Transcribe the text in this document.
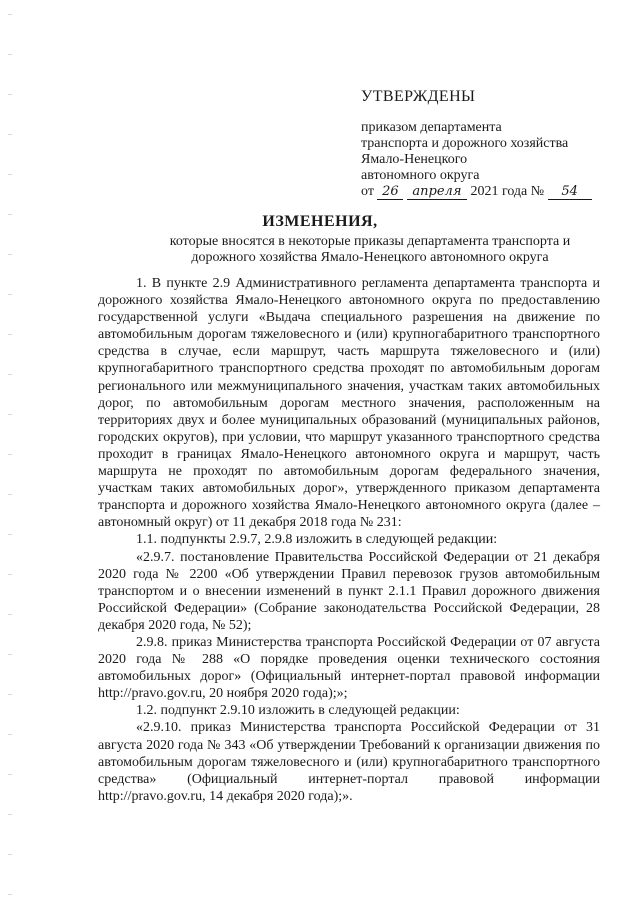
УТВЕРЖДЕНЫ
приказом департамента
транспорта и дорожного хозяйства
Ямало-Ненецкого
автономного округа
от 26 апреля 2021 года № 54
ИЗМЕНЕНИЯ,
которые вносятся в некоторые приказы департамента транспорта и дорожного хозяйства Ямало-Ненецкого автономного округа

1. В пункте 2.9 Административного регламента департамента транспорта и дорожного хозяйства Ямало-Ненецкого автономного округа по предоставлению государственной услуги «Выдача специального разрешения на движение по автомобильным дорогам тяжеловесного и (или) крупногабаритного транспортного средства в случае, если маршрут, часть маршрута тяжеловесного и (или) крупногабаритного транспортного средства проходят по автомобильным дорогам регионального или межмуниципального значения, участкам таких автомобильных дорог, по автомобильным дорогам местного значения, расположенным на территориях двух и более муниципальных образований (муниципальных районов, городских округов), при условии, что маршрут указанного транспортного средства проходит в границах Ямало-Ненецкого автономного округа и маршрут, часть маршрута не проходят по автомобильным дорогам федерального значения, участкам таких автомобильных дорог», утвержденного приказом департамента транспорта и дорожного хозяйства Ямало-Ненецкого автономного округа (далее – автономный округ) от 11 декабря 2018 года № 231:

1.1. подпункты 2.9.7, 2.9.8 изложить в следующей редакции:

«2.9.7. постановление Правительства Российской Федерации от 21 декабря 2020 года № 2200 «Об утверждении Правил перевозок грузов автомобильным транспортом и о внесении изменений в пункт 2.1.1 Правил дорожного движения Российской Федерации» (Собрание законодательства Российской Федерации, 28 декабря 2020 года, № 52);

2.9.8. приказ Министерства транспорта Российской Федерации от 07 августа 2020 года № 288 «О порядке проведения оценки технического состояния автомобильных дорог» (Официальный интернет-портал правовой информации http://pravo.gov.ru, 20 ноября 2020 года);»;

1.2. подпункт 2.9.10 изложить в следующей редакции:

«2.9.10. приказ Министерства транспорта Российской Федерации от 31 августа 2020 года № 343 «Об утверждении Требований к организации движения по автомобильным дорогам тяжеловесного и (или) крупногабаритного транспортного средства» (Официальный интернет-портал правовой информации http://pravo.gov.ru, 14 декабря 2020 года);».
